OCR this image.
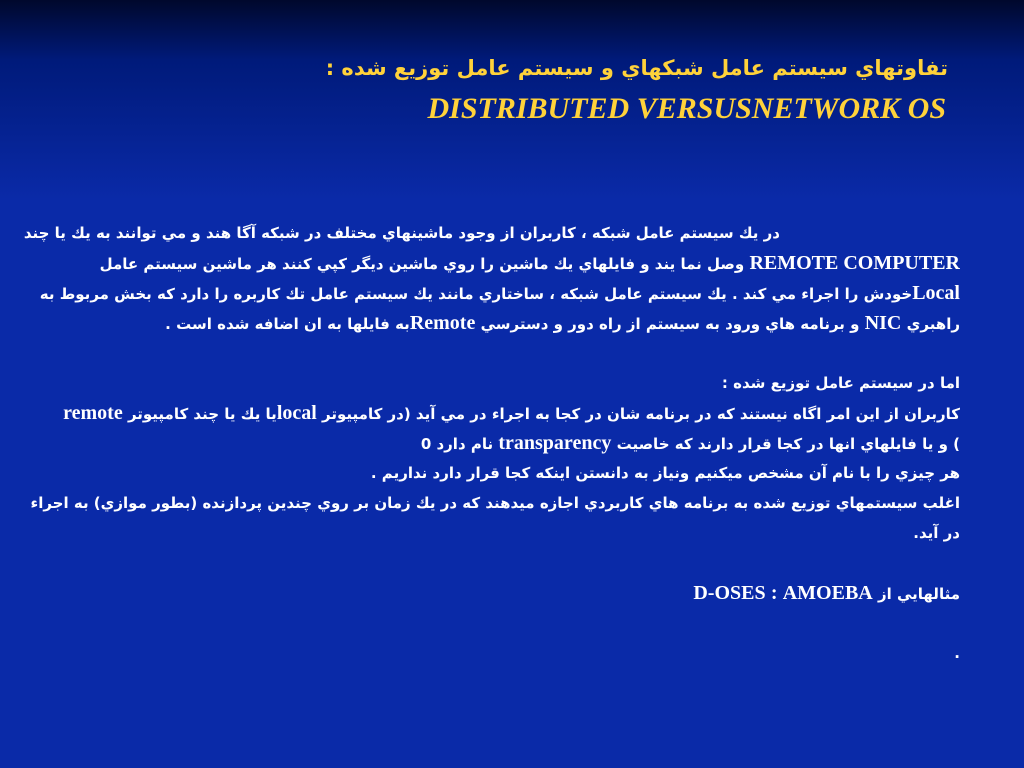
تفاوتهاي سيستم عامل شبكهاي و سيستم عامل توزيع شده :
DISTRIBUTED VERSUSNETWORK OS
در يك سيستم عامل شبكه ، كاربران از وجود ماشينهاي مختلف در شبكه آگا هند و مي توانند به يك يا چند
REMOTE COMPUTER وصل نما يند و فايلهاي يك ماشين را روي ماشين ديگر كپي كنند هر ماشين سيستم عامل
Localخودش را اجراء مي كند . يك سيستم عامل شبكه ، ساختاري مانند يك سيستم عامل تك كاربره را دارد كه بخش مربوط به
راهبري NIC و برنامه هاي ورود به سيستم از راه دور و دسترسي Remoteبه فايلها به ان اضافه شده است .
اما در سيستم عامل توزيع شده :
كاربران از اين امر اگاه نيستند كه در برنامه شان در كجا به اجراء در مي آيد (در كامپيوتر localيا يك يا چند كامپيوتر remote
) و يا فايلهاي انها در كجا قرار دارند كه خاصيت transparency نام دارد 0
هر چيزي را با نام آن مشخص ميكنيم ونياز به دانستن اينكه كجا قرار دارد نداريم .
اغلب سيستمهاي توزيع شده به برنامه هاي كاربردي اجازه ميدهند كه در يك زمان بر روي چندين پردازنده (بطور موازي) به اجراء در آيد.
مثالهايي از D-OSES : AMOEBA
.
